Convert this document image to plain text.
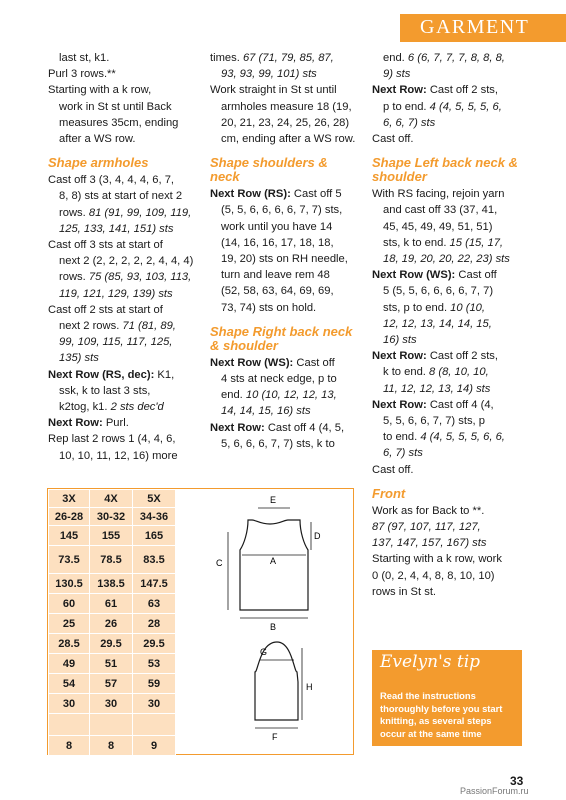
GARMENT

last st, k1.

Purl 3 rows.**

Starting with a k row,

work in St st until Back

measures 35cm, ending

after a WS row.

Shape armholes

Cast off 3 (3, 4, 4, 4, 6, 7,

8, 8) sts at start of next 2

rows. 81 (91, 99, 109, 119,

125, 133, 141, 151) sts

Cast off 3 sts at start of

next 2 (2, 2, 2, 2, 2, 4, 4, 4)

rows. 75 (85, 93, 103, 113,

119, 121, 129, 139) sts

Cast off 2 sts at start of

next 2 rows. 71 (81, 89,

99, 109, 115, 117, 125,

135) sts

Next Row (RS, dec): K1,

ssk, k to last 3 sts,

k2tog, k1. 2 sts dec'd

Next Row: Purl.

Rep last 2 rows 1 (4, 4, 6,

10, 10, 11, 12, 16) more

times. 67 (71, 79, 85, 87,

93, 93, 99, 101) sts

Work straight in St st until

armholes measure 18 (19,

20, 21, 23, 24, 25, 26, 28)

cm, ending after a WS row.

Shape shoulders & neck

Next Row (RS): Cast off 5

(5, 5, 6, 6, 6, 6, 7, 7) sts,

work until you have 14

(14, 16, 16, 17, 18, 18,

19, 20) sts on RH needle,

turn and leave rem 48

(52, 58, 63, 64, 69, 69,

73, 74) sts on hold.

Shape Right back neck & shoulder

Next Row (WS): Cast off

4 sts at neck edge, p to

end. 10 (10, 12, 12, 13,

14, 14, 15, 16) sts

Next Row: Cast off 4 (4, 5,

5, 6, 6, 6, 7, 7) sts, k to

end. 6 (6, 7, 7, 7, 8, 8, 8,

9) sts

Next Row: Cast off 2 sts,

p to end. 4 (4, 5, 5, 5, 6,

6, 6, 7) sts

Cast off.

Shape Left back neck & shoulder

With RS facing, rejoin yarn

and cast off 33 (37, 41,

45, 45, 49, 49, 51, 51)

sts, k to end. 15 (15, 17,

18, 19, 20, 20, 22, 23) sts

Next Row (WS): Cast off

5 (5, 5, 6, 6, 6, 6, 7, 7)

sts, p to end. 10 (10,

12, 12, 13, 14, 14, 15,

16) sts

Next Row: Cast off 2 sts,

k to end. 8 (8, 10, 10,

11, 12, 12, 13, 14) sts

Next Row: Cast off 4 (4,

5, 5, 6, 6, 7, 7) sts, p

to end. 4 (4, 5, 5, 5, 6, 6,

6, 7) sts

Cast off.

Front

Work as for Back to **.

87 (97, 107, 117, 127,

137, 147, 157, 167) sts

Starting with a k row, work

0 (0, 2, 4, 4, 8, 8, 10, 10)

rows in St st.

3X	4X	5X
26-28	30-32	34-36
145	155	165
73.5	78.5	83.5
130.5	138.5	147.5
60	61	63
25	26	28
28.5	29.5	29.5
49	51	53
54	57	59
30	30	30

8	8	9
E
D
C	A
B
G
H
F
Evelyn's tip
Read the instructions thoroughly before you start knitting, as several steps occur at the same time
33
PassionForum.ru
